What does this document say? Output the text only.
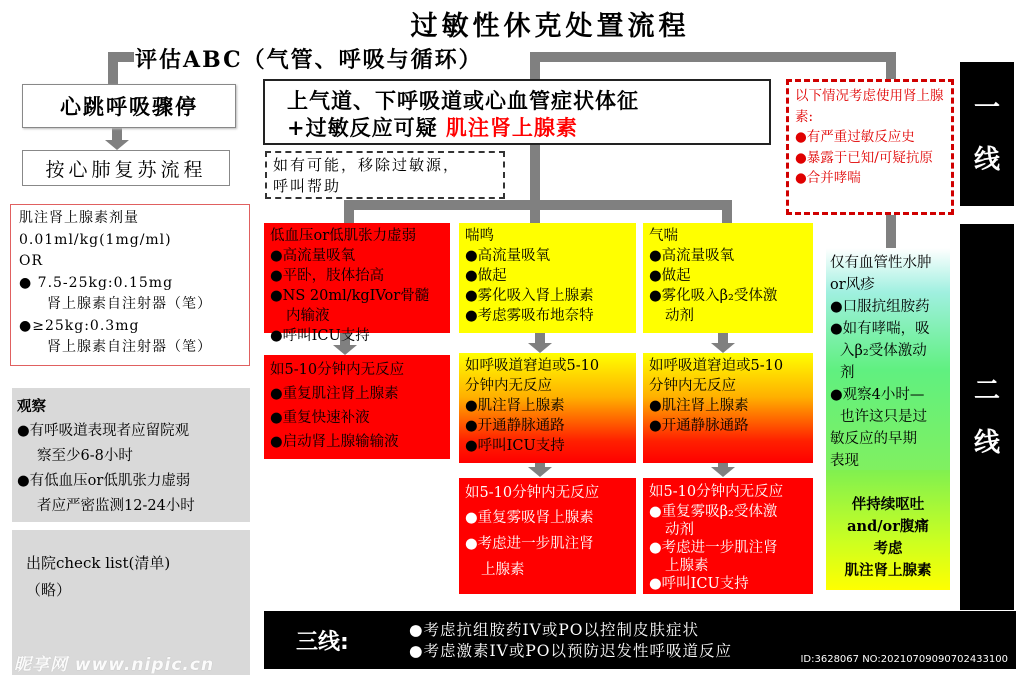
过敏性休克处置流程
评估ABC（气管、呼吸与循环）
心跳呼吸骤停
按心肺复苏流程
上气道、下呼吸道或心血管症状体征
+过敏反应可疑 肌注肾上腺素
如有可能，移除过敏源，
呼叫帮助
以下情况考虑使用肾上腺素:
●有严重过敏反应史
●暴露于已知/可疑抗原
●合并哮喘
一
线
二
线
肌注肾上腺素剂量
0.01ml/kg(1mg/ml)
OR
● 7.5-25kg:0.15mg
肾上腺素自注射器（笔）
●≥25kg:0.3mg
肾上腺素自注射器（笔）
观察
●有呼吸道表现者应留院观
察至少6-8小时
●有低血压or低肌张力虚弱
者应严密监测12-24小时
出院check list(清单)
（略）
低血压or低肌张力虚弱
●高流量吸氧
●平卧，肢体抬高
●NS 20ml/kgIVor骨髓
内输液
●呼叫ICU支持
喘鸣
●高流量吸氧
●做起
●雾化吸入肾上腺素
●考虑雾吸布地奈特
气喘
●高流量吸氧
●做起
●雾化吸入β₂受体激
动剂
如5-10分钟内无反应
●重复肌注肾上腺素
●重复快速补液
●启动肾上腺输输液
如呼吸道窘迫或5-10
分钟内无反应
●肌注肾上腺素
●开通静脉通路
●呼叫ICU支持
如呼吸道窘迫或5-10
分钟内无反应
●肌注肾上腺素
●开通静脉通路
如5-10分钟内无反应
●重复雾吸肾上腺素
●考虑进一步肌注肾
上腺素
如5-10分钟内无反应
●重复雾吸β₂受体激
动剂
●考虑进一步肌注肾
上腺素
●呼叫ICU支持
仅有血管性水肿
or风疹
●口服抗组胺药
●如有哮喘，吸
入β₂受体激动
剂
●观察4小时—
也许这只是过
敏反应的早期
表现
伴持续呕吐
and/or腹痛
考虑
肌注肾上腺素
三线:	●考虑抗组胺药IV或PO以控制皮肤症状
●考虑激素IV或PO以预防迟发性呼吸道反应	ID:3628067 NO:20210709090702433100
昵享网 www.nipic.cn
